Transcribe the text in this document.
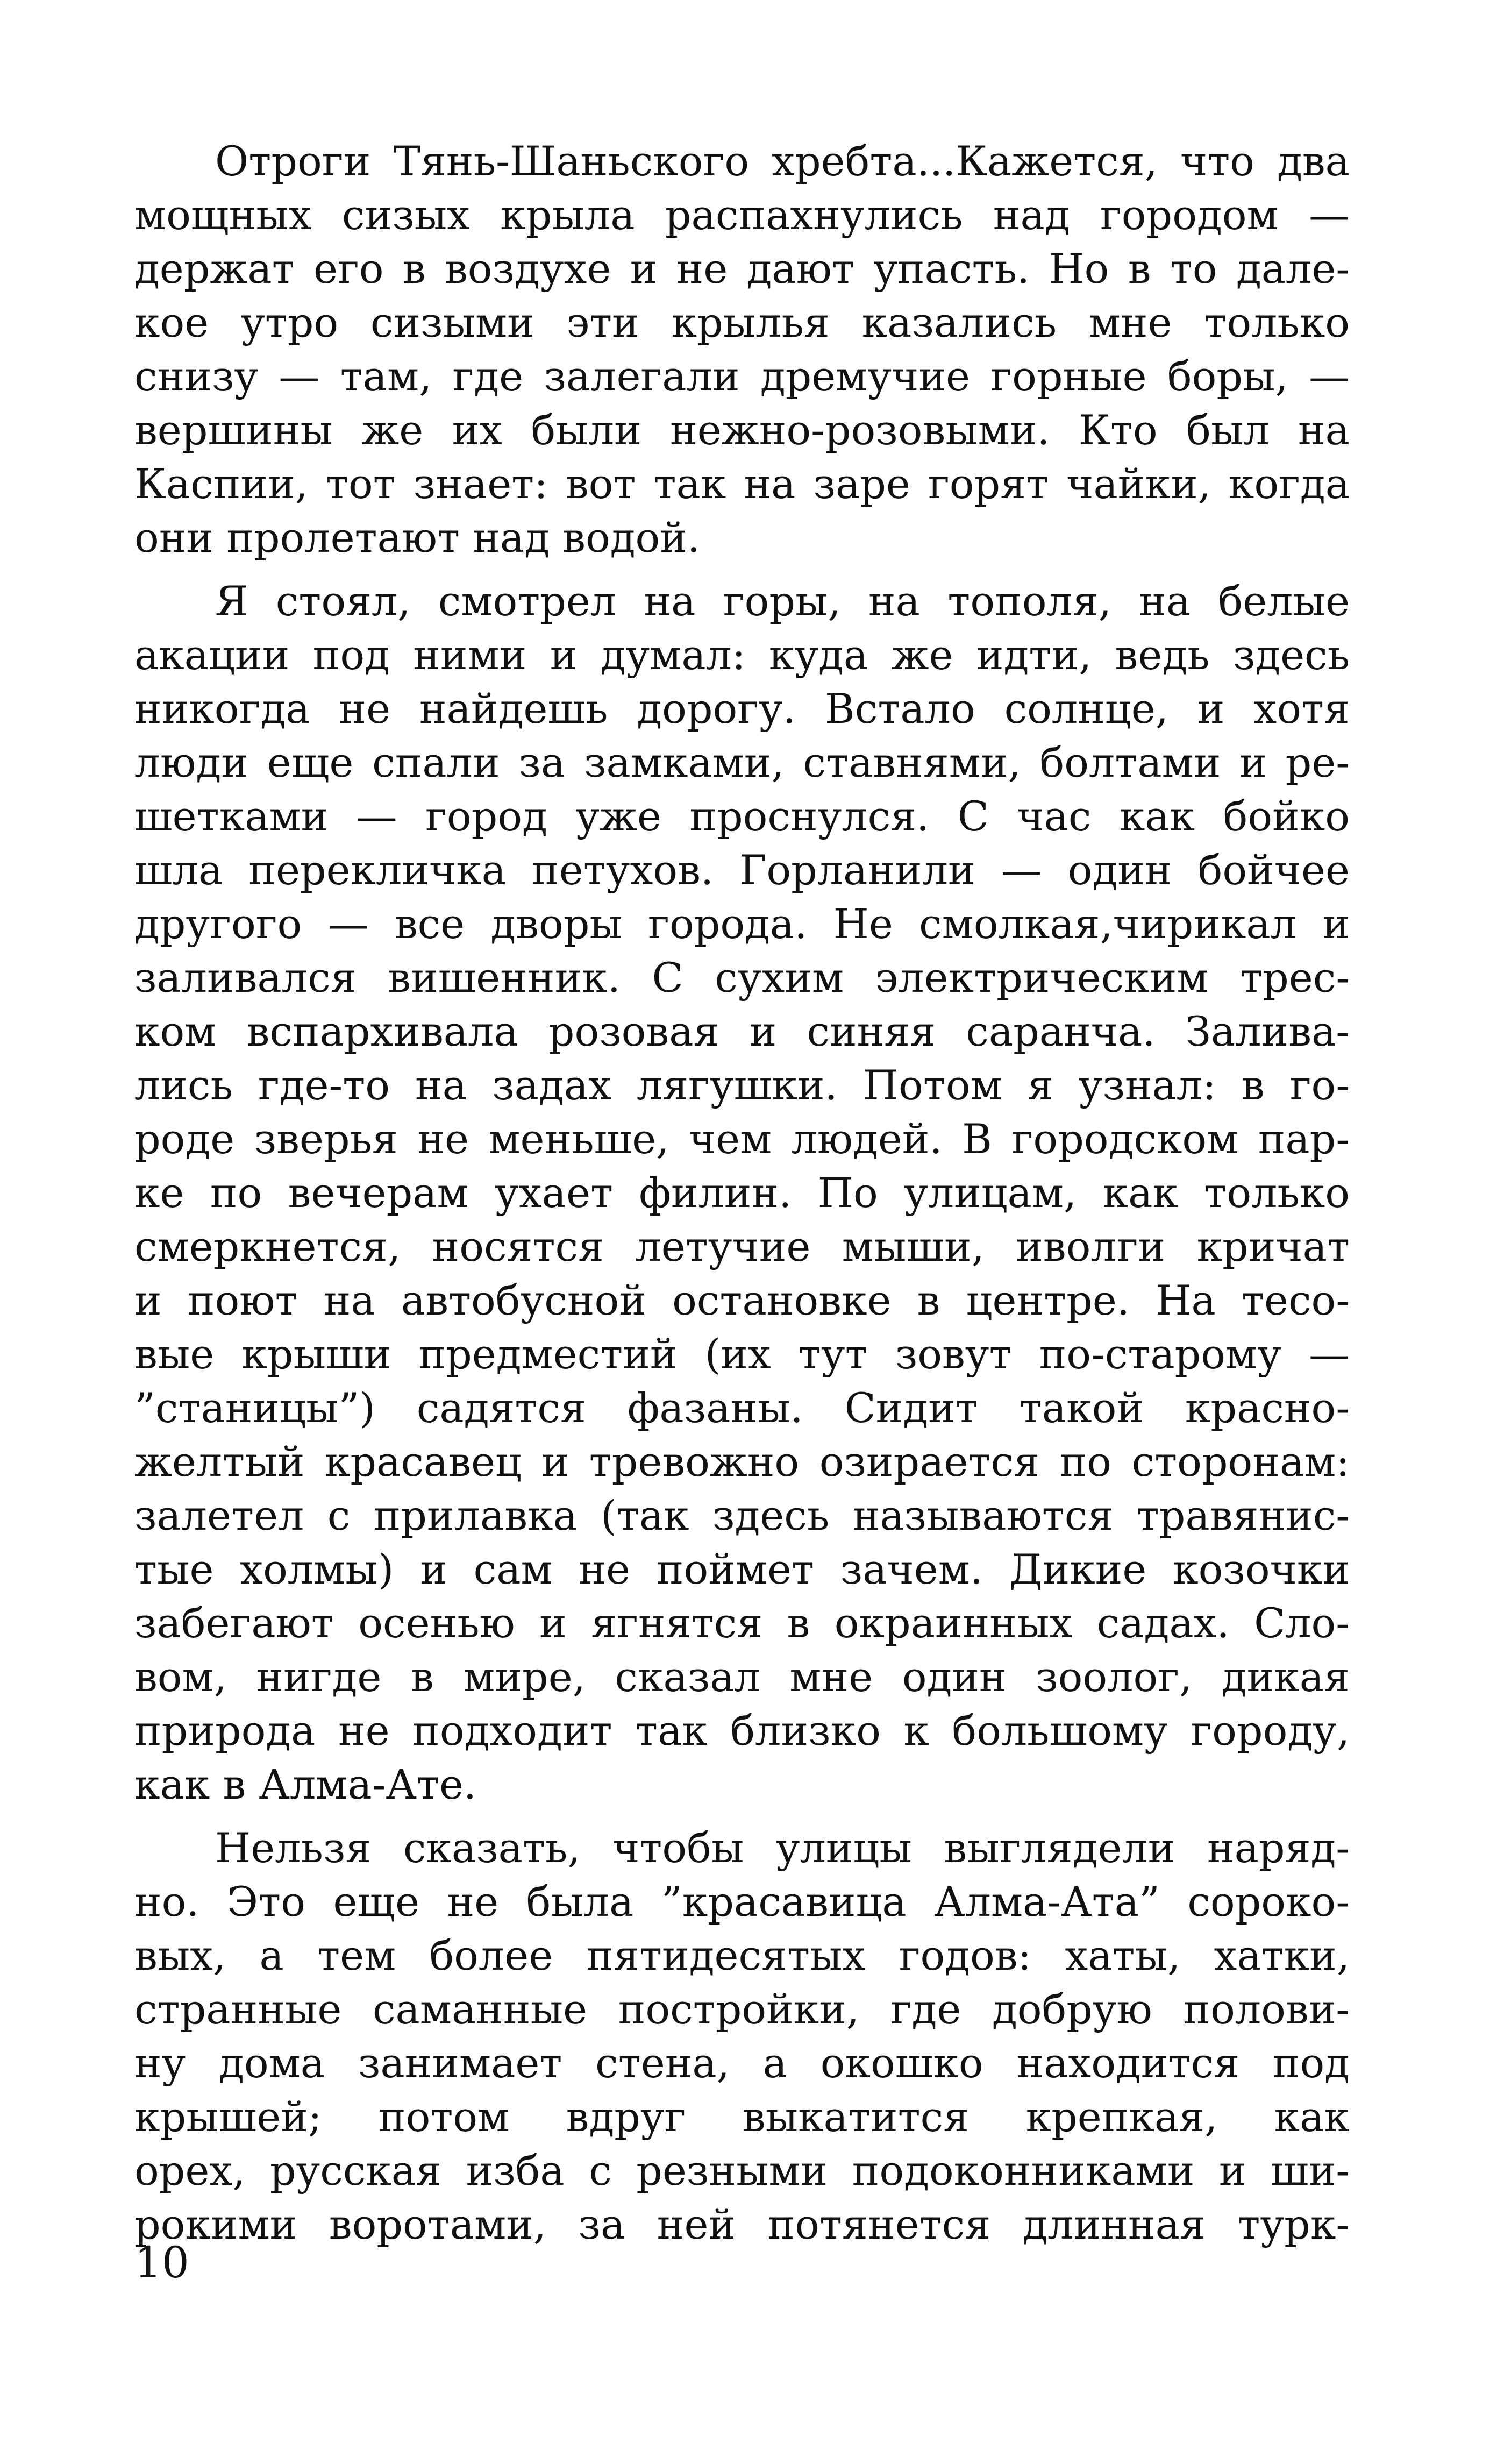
Отроги Тянь-Шаньского хребта...Кажется, что два
мощных сизых крыла распахнулись над городом —
держат его в воздухе и не дают упасть. Но в то дале-
кое утро сизыми эти крылья казались мне только
снизу — там, где залегали дремучие горные боры, —
вершины же их были нежно-розовыми. Кто был на
Каспии, тот знает: вот так на заре горят чайки, когда
они пролетают над водой.
Я стоял, смотрел на горы, на тополя, на белые
акации под ними и думал: куда же идти, ведь здесь
никогда не найдешь дорогу. Встало солнце, и хотя
люди еще спали за замками, ставнями, болтами и ре-
шетками — город уже проснулся. С час как бойко
шла перекличка петухов. Горланили — один бойчее
другого — все дворы города. Не смолкая,чирикал и
заливался вишенник. С сухим электрическим трес-
ком вспархивала розовая и синяя саранча. Залива-
лись где-то на задах лягушки. Потом я узнал: в го-
роде зверья не меньше, чем людей. В городском пар-
ке по вечерам ухает филин. По улицам, как только
смеркнется, носятся летучие мыши, иволги кричат
и поют на автобусной остановке в центре. На тесо-
вые крыши предместий (их тут зовут по-старому —
”станицы”) садятся фазаны. Сидит такой красно-
желтый красавец и тревожно озирается по сторонам:
залетел с прилавка (так здесь называются травянис-
тые холмы) и сам не поймет зачем. Дикие козочки
забегают осенью и ягнятся в окраинных садах. Сло-
вом, нигде в мире, сказал мне один зоолог, дикая
природа не подходит так близко к большому городу,
как в Алма-Ате.
Нельзя сказать, чтобы улицы выглядели наряд-
но. Это еще не была ”красавица Алма-Ата” сороко-
вых, а тем более пятидесятых годов: хаты, хатки,
странные саманные постройки, где добрую полови-
ну дома занимает стена, а окошко находится под
крышей; потом вдруг выкатится крепкая, как
орех, русская изба с резными подоконниками и ши-
рокими воротами, за ней потянется длинная турк-
10
